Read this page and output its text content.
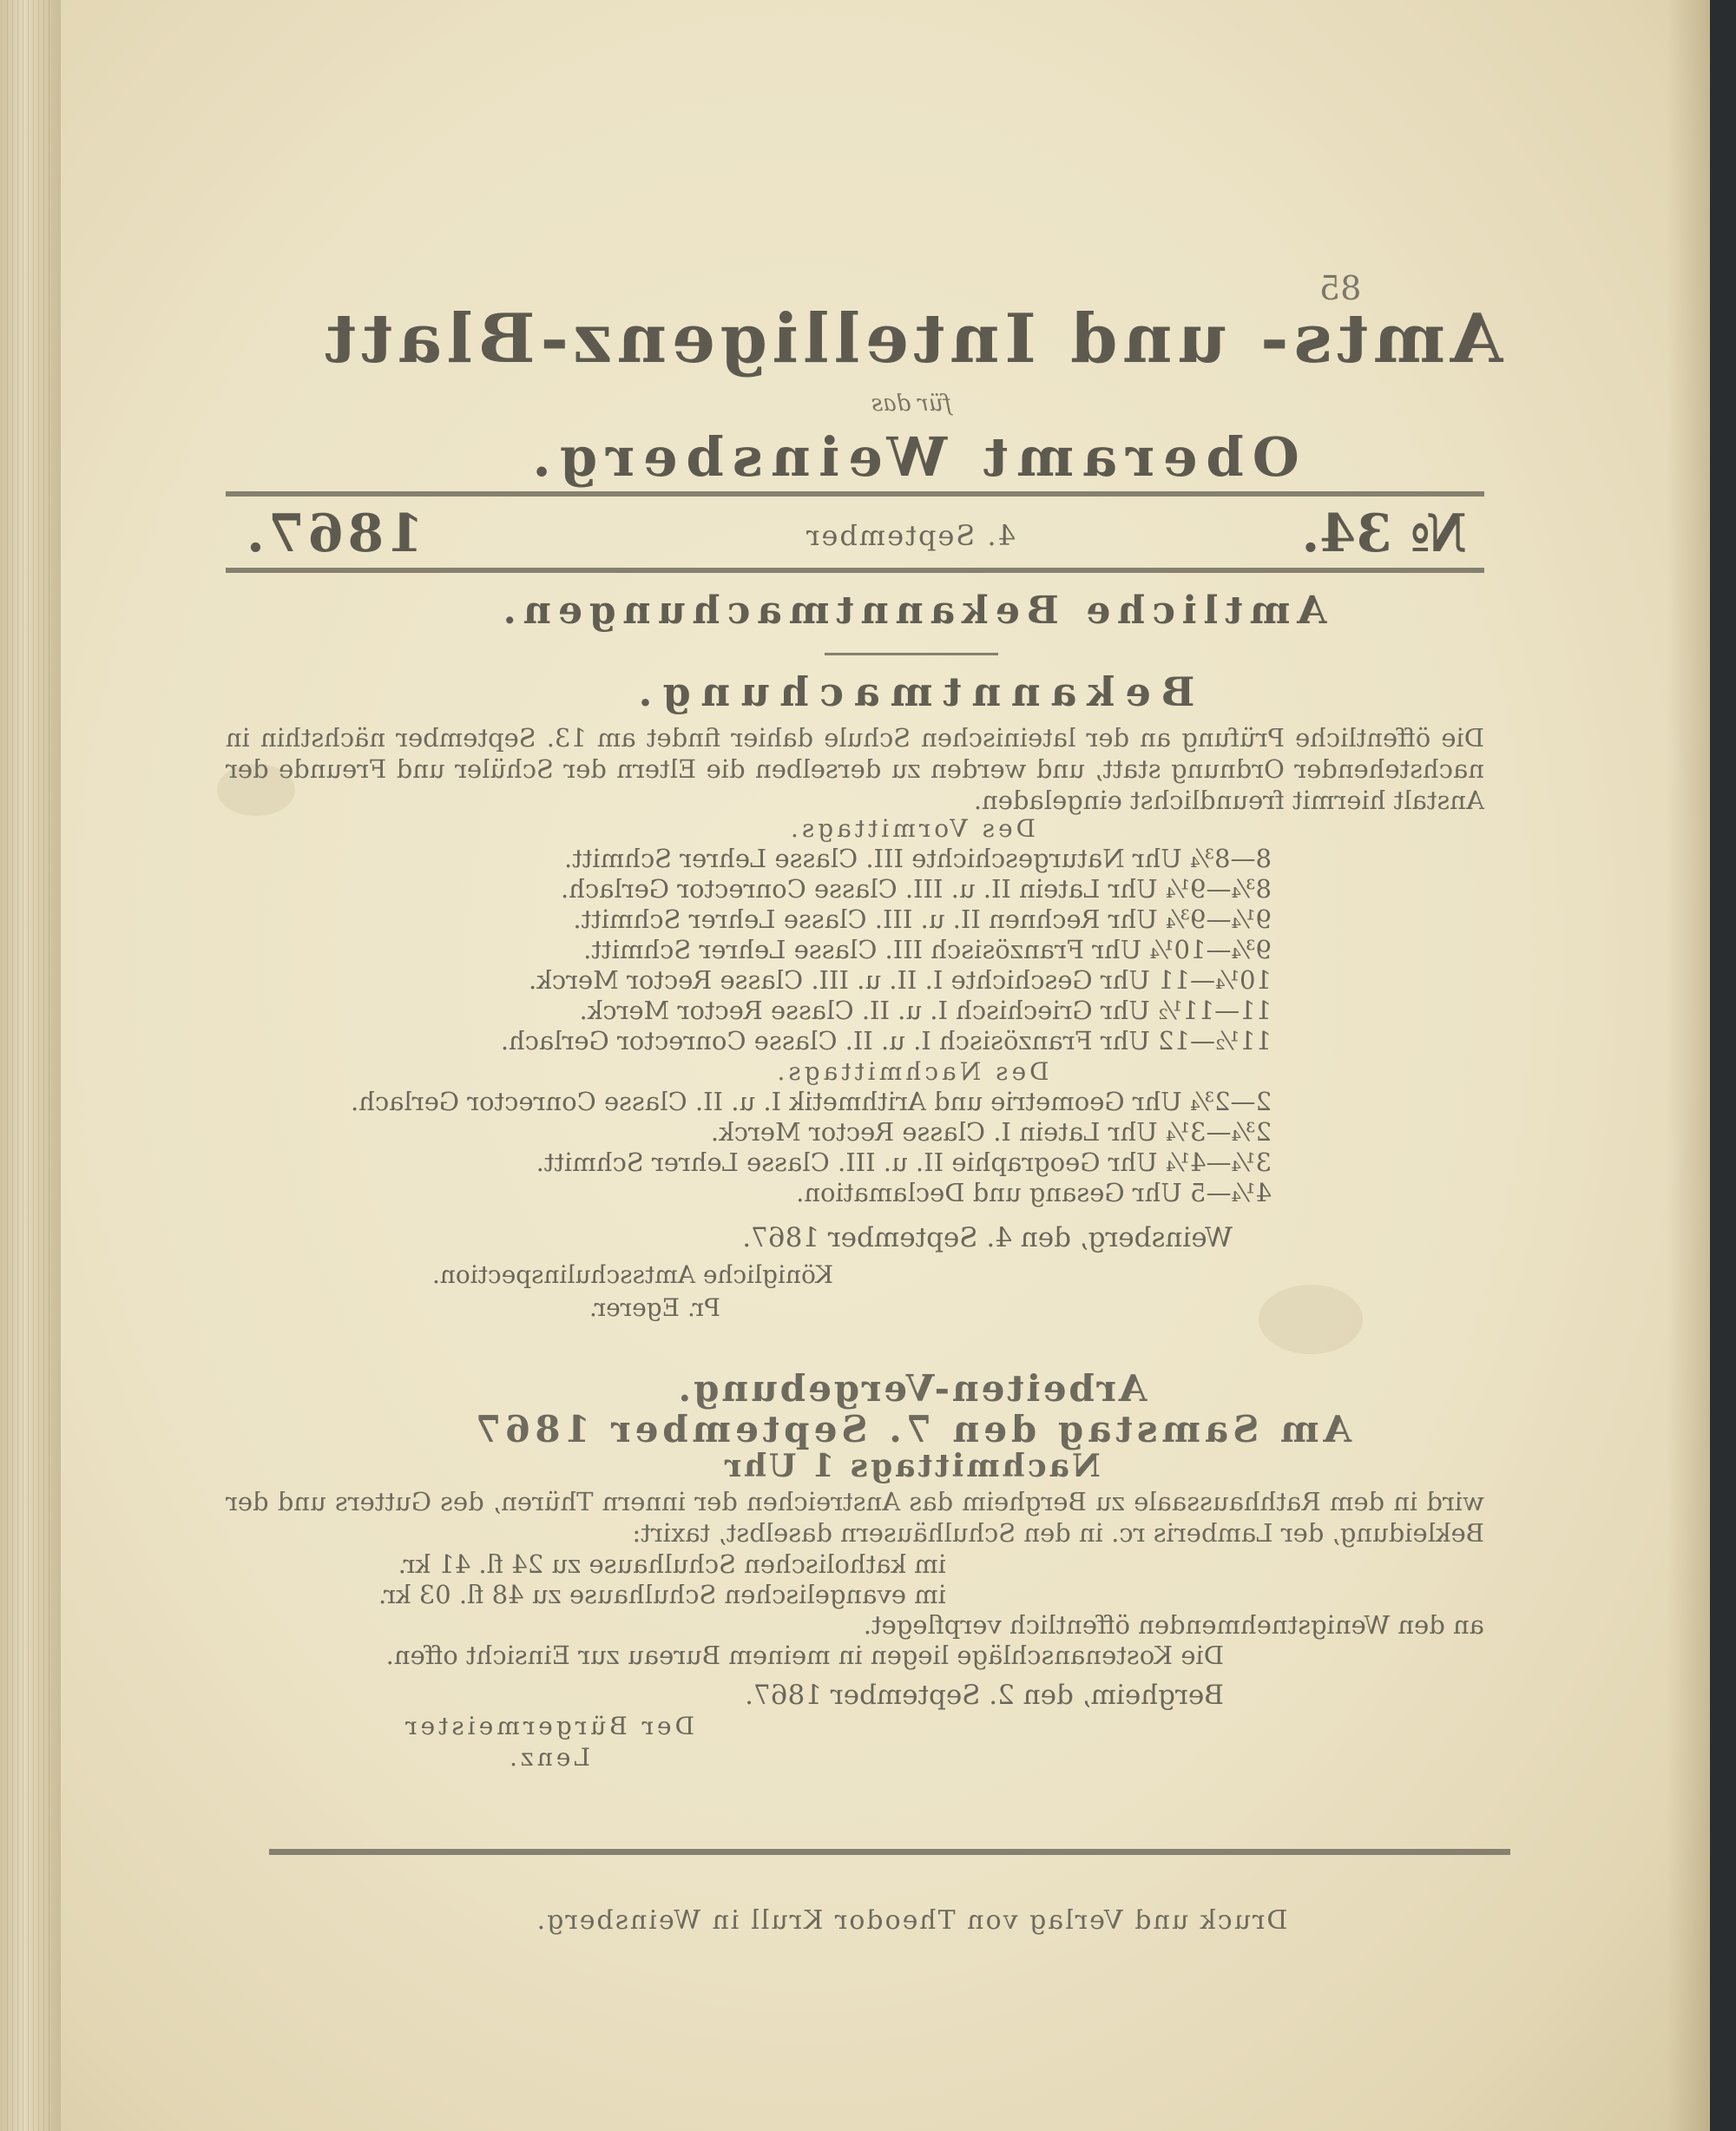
85
Amts- und Intelligenz-Blatt
für das
Oberamt Weinsberg.
№ 34.
4. September
1867.
Amtliche Bekanntmachungen.
Bekanntmachung.
Die öffentliche Prüfung an der lateinischen Schule dahier findet am 13. September nächsthin in nachstehender Ordnung statt, und werden zu derselben die Eltern der Schüler und Freunde der Anstalt hiermit freundlichst eingeladen.
Des Vormittags.
8—8¾ Uhr Naturgeschichte III. Classe Lehrer Schmitt.
8¾—9¼ Uhr Latein II. u. III. Classe Conrector Gerlach.
9¼—9¾ Uhr Rechnen II. u. III. Classe Lehrer Schmitt.
9¾—10¼ Uhr Französisch III. Classe Lehrer Schmitt.
10¼—11 Uhr Geschichte I. II. u. III. Classe Rector Merck.
11—11½ Uhr Griechisch I. u. II. Classe Rector Merck.
11½—12 Uhr Französisch I. u. II. Classe Conrector Gerlach.
Des Nachmittags.
2—2¾ Uhr Geometrie und Arithmetik I. u. II. Classe Conrector Gerlach.
2¾—3¼ Uhr Latein I. Classe Rector Merck.
3¼—4¼ Uhr Geographie II. u. III. Classe Lehrer Schmitt.
4¼—5 Uhr Gesang und Declamation.
Weinsberg, den 4. September 1867.
Königliche Amtsschulinspection.
Pr. Egerer.
Arbeiten-Vergebung.
Am Samstag den 7. September 1867
Nachmittags 1 Uhr
wird in dem Rathhaussaale zu Bergheim das Anstreichen der innern Thüren, des Gutters und der Bekleidung, der Lamberis rc. in den Schulhäusern daselbst, taxirt:
im katholischen Schulhause zu 24 fl. 41 kr.
im evangelischen Schulhause zu 48 fl. 03 kr.
an den Wenigstnehmenden öffentlich verpfleget.
Die Kostenanschläge liegen in meinem Bureau zur Einsicht offen.
Bergheim, den 2. September 1867.
Der Bürgermeister
Lenz.
Druck und Verlag von Theodor Krull in Weinsberg.
